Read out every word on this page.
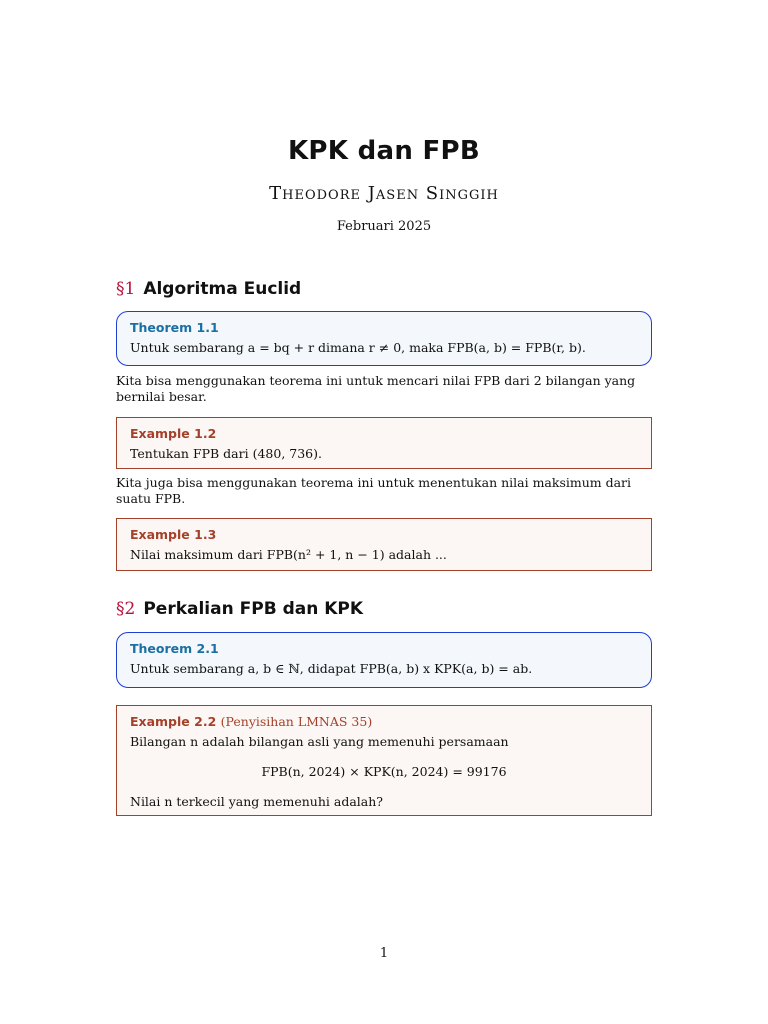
KPK dan FPB
Theodore Jasen Singgih
Februari 2025
§1 Algoritma Euclid
Theorem 1.1
Untuk sembarang a = bq + r dimana r ≠ 0, maka FPB(a, b) = FPB(r, b).
Kita bisa menggunakan teorema ini untuk mencari nilai FPB dari 2 bilangan yang bernilai besar.
Example 1.2
Tentukan FPB dari (480, 736).
Kita juga bisa menggunakan teorema ini untuk menentukan nilai maksimum dari suatu FPB.
Example 1.3
Nilai maksimum dari FPB(n² + 1, n − 1) adalah ...
§2 Perkalian FPB dan KPK
Theorem 2.1
Untuk sembarang a, b ∈ ℕ, didapat FPB(a, b) x KPK(a, b) = ab.
Example 2.2 (Penyisihan LMNAS 35)
Bilangan n adalah bilangan asli yang memenuhi persamaan
FPB(n, 2024) × KPK(n, 2024) = 99176
Nilai n terkecil yang memenuhi adalah?
1
